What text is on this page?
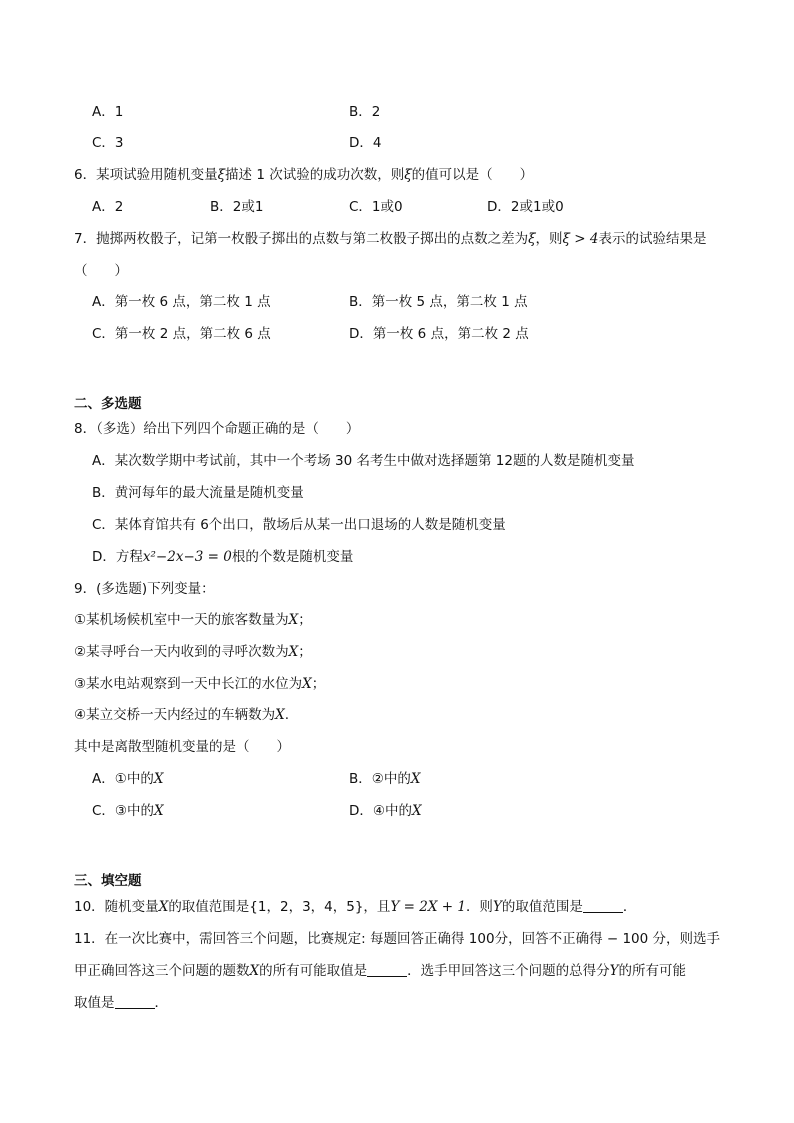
A．1	B．2
C．3	D．4
6．某项试验用随机变量ξ描述 1 次试验的成功次数，则ξ的值可以是（　　）
A．2	B．2或1	C．1或0	D．2或1或0
7．抛掷两枚骰子，记第一枚骰子掷出的点数与第二枚骰子掷出的点数之差为ξ，则ξ > 4表示的试验结果是
（　　）
A．第一枚 6 点，第二枚 1 点	B．第一枚 5 点，第二枚 1 点
C．第一枚 2 点，第二枚 6 点	D．第一枚 6 点，第二枚 2 点
二、多选题
8．（多选）给出下列四个命题正确的是（　　）
A．某次数学期中考试前，其中一个考场 30 名考生中做对选择题第 12题的人数是随机变量
B．黄河每年的最大流量是随机变量
C．某体育馆共有 6个出口，散场后从某一出口退场的人数是随机变量
D．方程x²−2x−3 = 0根的个数是随机变量
9．(多选题)下列变量：
①某机场候机室中一天的旅客数量为X；
②某寻呼台一天内收到的寻呼次数为X；
③某水电站观察到一天中长江的水位为X；
④某立交桥一天内经过的车辆数为X.
其中是离散型随机变量的是（　　）
A．①中的X	B．②中的X
C．③中的X	D．④中的X
三、填空题
10．随机变量X的取值范围是{1，2，3，4，5}，且Y = 2X + 1．则Y的取值范围是	．
11．在一次比赛中，需回答三个问题，比赛规定: 每题回答正确得 100分，回答不正确得 − 100 分，则选手
甲正确回答这三个问题的题数X的所有可能取值是	．选手甲回答这三个问题的总得分Y的所有可能
取值是	．
